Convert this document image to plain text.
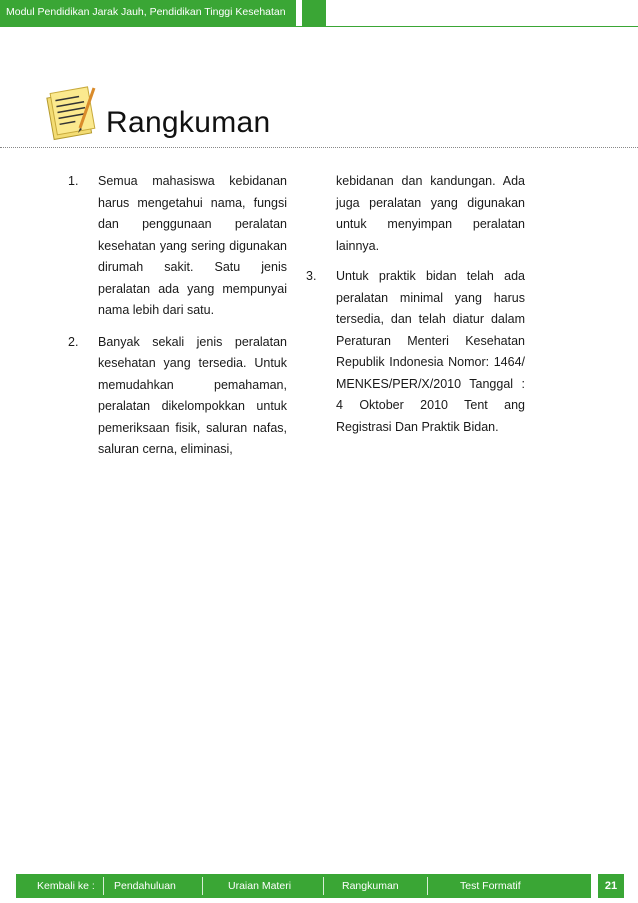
Modul Pendidikan Jarak Jauh, Pendidikan Tinggi Kesehatan
Rangkuman
1. Semua mahasiswa kebidanan harus mengetahui nama, fungsi dan penggunaan peralatan kesehatan yang sering digunakan dirumah sakit. Satu jenis peralatan ada yang mempunyai nama lebih dari satu.
2. Banyak sekali jenis peralatan kesehatan yang tersedia. Untuk memudahkan pemahaman, peralatan dikelompokkan untuk pemeriksaan fisik, saluran nafas, saluran cerna, eliminasi,
kebidanan dan kandungan. Ada juga peralatan yang digunakan untuk menyimpan peralatan lainnya.
3. Untuk praktik bidan telah ada peralatan minimal yang harus tersedia, dan telah diatur dalam Peraturan Menteri Kesehatan Republik Indonesia Nomor: 1464/ MENKES/PER/X/2010 Tanggal : 4 Oktober 2010 Tent ang Registrasi Dan Praktik Bidan.
Kembali ke : Pendahuluan	Uraian Materi	Rangkuman	Test Formatif	21
